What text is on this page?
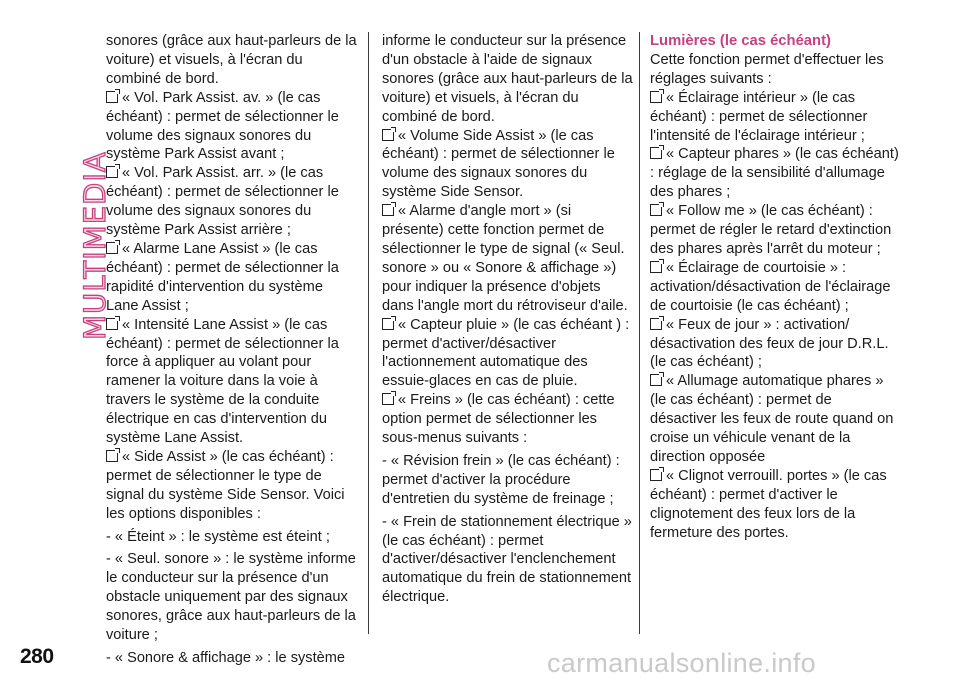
MULTIMEDIA

sonores (grâce aux haut-parleurs de la voiture) et visuels, à l'écran du combiné de bord.

« Vol. Park Assist. av. » (le cas échéant) : permet de sélectionner le volume des signaux sonores du système Park Assist avant ;

« Vol. Park Assist. arr. » (le cas échéant) : permet de sélectionner le volume des signaux sonores du système Park Assist arrière ;

« Alarme Lane Assist » (le cas échéant) : permet de sélectionner la rapidité d'intervention du système Lane Assist ;

« Intensité Lane Assist » (le cas échéant) : permet de sélectionner la force à appliquer au volant pour ramener la voiture dans la voie à travers le système de la conduite électrique en cas d'intervention du système Lane Assist.

« Side Assist » (le cas échéant) : permet de sélectionner le type de signal du système Side Sensor. Voici les options disponibles :

- « Éteint » : le système est éteint ;

- « Seul. sonore » : le système informe le conducteur sur la présence d'un obstacle uniquement par des signaux sonores, grâce aux haut-parleurs de la voiture ;

- « Sonore & affichage » : le système

informe le conducteur sur la présence d'un obstacle à l'aide de signaux sonores (grâce aux haut-parleurs de la voiture) et visuels, à l'écran du combiné de bord.

« Volume Side Assist » (le cas échéant) : permet de sélectionner le volume des signaux sonores du système Side Sensor.

« Alarme d'angle mort » (si présente) cette fonction permet de sélectionner le type de signal (« Seul. sonore » ou « Sonore & affichage ») pour indiquer la présence d'objets dans l'angle mort du rétroviseur d'aile.

« Capteur pluie » (le cas échéant ) : permet d'activer/désactiver l'actionnement automatique des essuie-glaces en cas de pluie.

« Freins » (le cas échéant) : cette option permet de sélectionner les sous-menus suivants :

- « Révision frein » (le cas échéant) : permet d'activer la procédure d'entretien du système de freinage ;

- « Frein de stationnement électrique » (le cas échéant) : permet d'activer/désactiver l'enclenchement automatique du frein de stationnement électrique.

Lumières (le cas échéant)

Cette fonction permet d'effectuer les réglages suivants :

« Éclairage intérieur » (le cas échéant) : permet de sélectionner l'intensité de l'éclairage intérieur ;

« Capteur phares » (le cas échéant) : réglage de la sensibilité d'allumage des phares ;

« Follow me » (le cas échéant) : permet de régler le retard d'extinction des phares après l'arrêt du moteur ;

« Éclairage de courtoisie » : activation/désactivation de l'éclairage de courtoisie (le cas échéant) ;

« Feux de jour » : activation/ désactivation des feux de jour D.R.L. (le cas échéant) ;

« Allumage automatique phares » (le cas échéant) : permet de désactiver les feux de route quand on croise un véhicule venant de la direction opposée

« Clignot verrouill. portes » (le cas échéant) : permet d'activer le clignotement des feux lors de la fermeture des portes.

280	carmanualsonline.info
